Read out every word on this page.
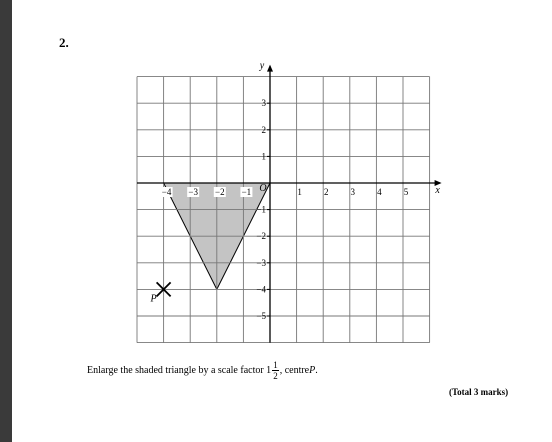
2.
−4 −3 −2 −1	1 2 3 4 5
3
2
1
−1
−2
−3
−4
−5
O	x
y
P
Enlarge the shaded triangle by a scale factor $1 \frac{1}{2}$ , centre P .
(Total 3 marks)
